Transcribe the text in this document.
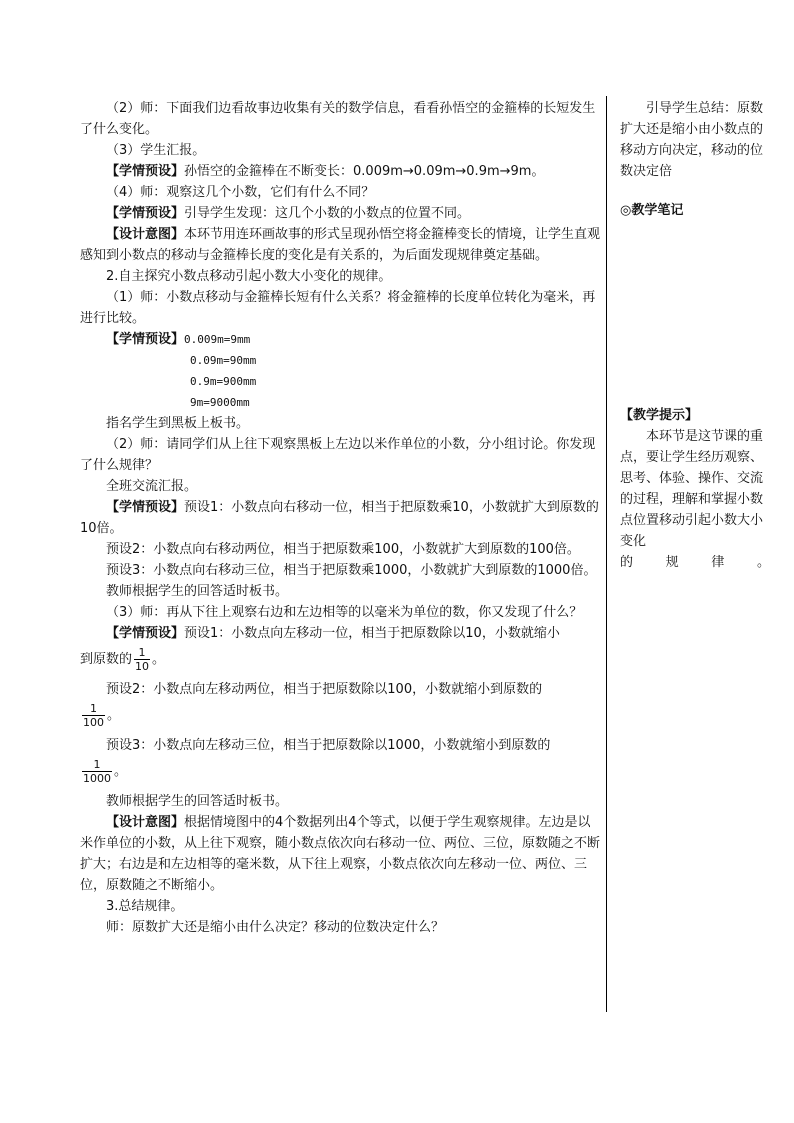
（2）师：下面我们边看故事边收集有关的数学信息，看看孙悟空的金箍棒的长短发生了什么变化。

（3）学生汇报。

【学情预设】孙悟空的金箍棒在不断变长：0.009m→0.09m→0.9m→9m。

（4）师：观察这几个小数，它们有什么不同？

【学情预设】引导学生发现：这几个小数的小数点的位置不同。

【设计意图】本环节用连环画故事的形式呈现孙悟空将金箍棒变长的情境，让学生直观感知到小数点的移动与金箍棒长度的变化是有关系的，为后面发现规律奠定基础。

2.自主探究小数点移动引起小数大小变化的规律。

（1）师：小数点移动与金箍棒长短有什么关系？将金箍棒的长度单位转化为毫米，再进行比较。

【学情预设】0.009m=9mm

0.09m=90mm
0.9m=900mm
9m=9000mm

指名学生到黑板上板书。

（2）师：请同学们从上往下观察黑板上左边以米作单位的小数，分小组讨论。你发现了什么规律？

全班交流汇报。

【学情预设】预设1：小数点向右移动一位，相当于把原数乘10，小数就扩大到原数的10倍。

预设2：小数点向右移动两位，相当于把原数乘100，小数就扩大到原数的100倍。

预设3：小数点向右移动三位，相当于把原数乘1000，小数就扩大到原数的1000倍。

教师根据学生的回答适时板书。

（3）师：再从下往上观察右边和左边相等的以毫米为单位的数，你又发现了什么？

【学情预设】预设1：小数点向左移动一位，相当于把原数除以10，小数就缩小

到原数的 $\frac{1}{10}$ 。

预设2：小数点向左移动两位，相当于把原数除以100，小数就缩小到原数的

$\frac{1}{100}$ 。

预设3：小数点向左移动三位，相当于把原数除以1000，小数就缩小到原数的

$\frac{1}{1000}$ 。

教师根据学生的回答适时板书。

【设计意图】根据情境图中的4个数据列出4个等式，以便于学生观察规律。左边是以米作单位的小数，从上往下观察，随小数点依次向右移动一位、两位、三位，原数随之不断扩大；右边是和左边相等的毫米数，从下往上观察，小数点依次向左移动一位、两位、三位，原数随之不断缩小。

3.总结规律。

师：原数扩大还是缩小由什么决定？移动的位数决定什么？

引导学生总结：原数扩大还是缩小由小数点的移动方向决定，移动的位数决定倍

◎教学笔记

【教学提示】

本环节是这节课的重点，要让学生经历观察、思考、体验、操作、交流的过程，理解和掌握小数点位置移动引起小数大小变化

的	规	律	。
